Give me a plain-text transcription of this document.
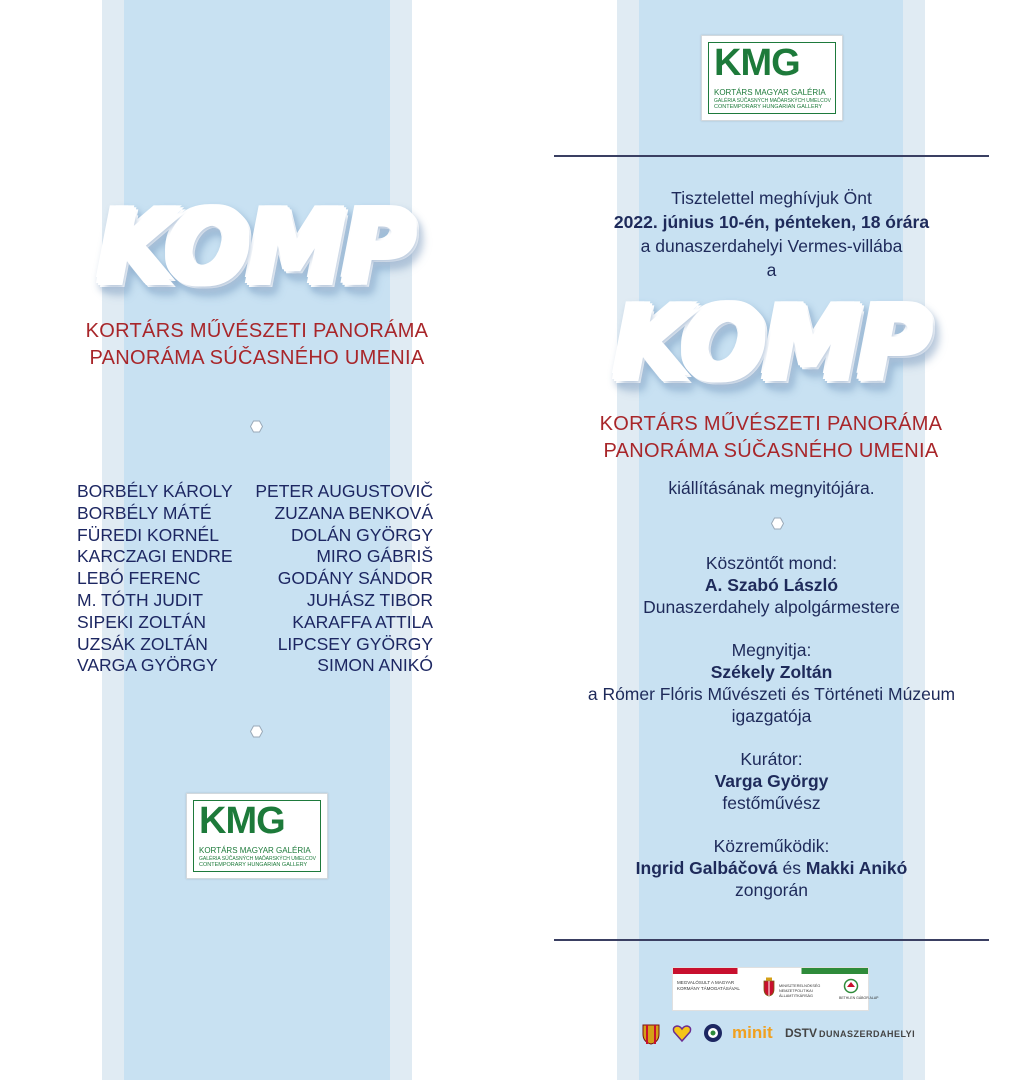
KOMP
KORTÁRS MŰVÉSZETI PANORÁMA
PANORÁMA SÚČASNÉHO UMENIA
BORBÉLY KÁROLY
BORBÉLY MÁTÉ
FÜREDI KORNÉL
KARCZAGI ENDRE
LEBÓ FERENC
M. TÓTH JUDIT
SIPEKI ZOLTÁN
UZSÁK ZOLTÁN
VARGA GYÖRGY
PETER AUGUSTOVIČ
ZUZANA BENKOVÁ
DOLÁN GYÖRGY
MIRO GÁBRIŠ
GODÁNY SÁNDOR
JUHÁSZ TIBOR
KARAFFA ATTILA
LIPCSEY GYÖRGY
SIMON ANIKÓ
KMG
KORTÁRS MAGYAR GALÉRIA
GALÉRIA SÚČASNÝCH MAĎARSKÝCH UMELCOV
CONTEMPORARY HUNGARIAN GALLERY
KMG
KORTÁRS MAGYAR GALÉRIA
GALÉRIA SÚČASNÝCH MAĎARSKÝCH UMELCOV
CONTEMPORARY HUNGARIAN GALLERY
Tisztelettel meghívjuk Önt
2022. június 10-én, pénteken, 18 órára
a dunaszerdahelyi Vermes-villába
a
KOMP
KORTÁRS MŰVÉSZETI PANORÁMA
PANORÁMA SÚČASNÉHO UMENIA
kiállításának megnyitójára.
Köszöntőt mond:
A. Szabó László
Dunaszerdahely alpolgármestere
Megnyitja:
Székely Zoltán
a Rómer Flóris Művészeti és Történeti Múzeum
igazgatója
Kurátor:
Varga György
festőművész
Közreműködik:
Ingrid Galbáčová és Makki Anikó
zongorán
MEGVALÓSULT A MAGYAR KORMÁNY TÁMOGATÁSÁVAL	MINISZTERELNÖKSÉG NEMZETPOLITIKAI ÁLLAMTITKÁRSÁG	BETHLEN GÁBOR ALAP
minit DSTV DUNASZERDAHELYI
